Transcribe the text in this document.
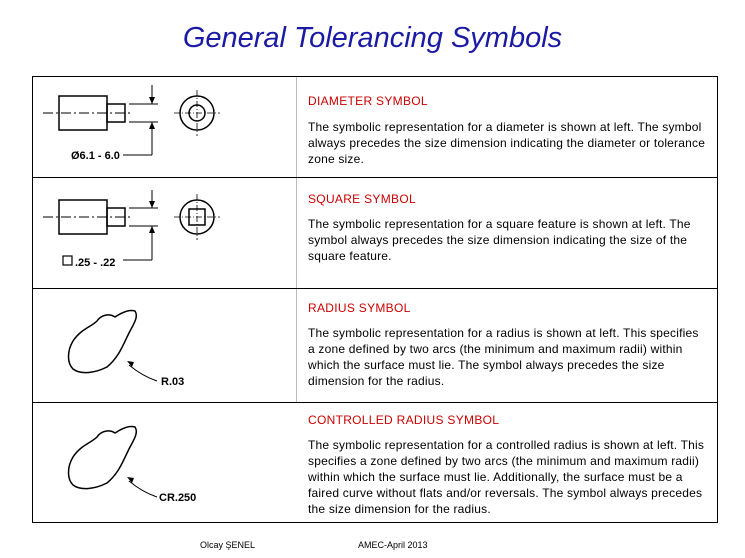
General Tolerancing Symbols
Ø6.1 - 6.0
DIAMETER SYMBOL
The symbolic representation for a diameter is shown at left. The symbol always precedes the size dimension indicating the diameter or tolerance zone size.
.25 - .22
SQUARE SYMBOL
The symbolic representation for a square feature is shown at left. The symbol always precedes the size dimension indicating the size of the square feature.
R.03
RADIUS SYMBOL
The symbolic representation for a radius is shown at left. This specifies a zone defined by two arcs (the minimum and maximum radii) within which the surface must lie. The symbol always precedes the size dimension for the radius.
CR.250
CONTROLLED RADIUS SYMBOL
The symbolic representation for a controlled radius is shown at left. This specifies a zone defined by two arcs (the minimum and maximum radii) within which the surface must lie. Additionally, the surface must be a faired curve without flats and/or reversals. The symbol always precedes the size dimension for the radius.
Olcay ŞENEL	AMEC-April 2013
